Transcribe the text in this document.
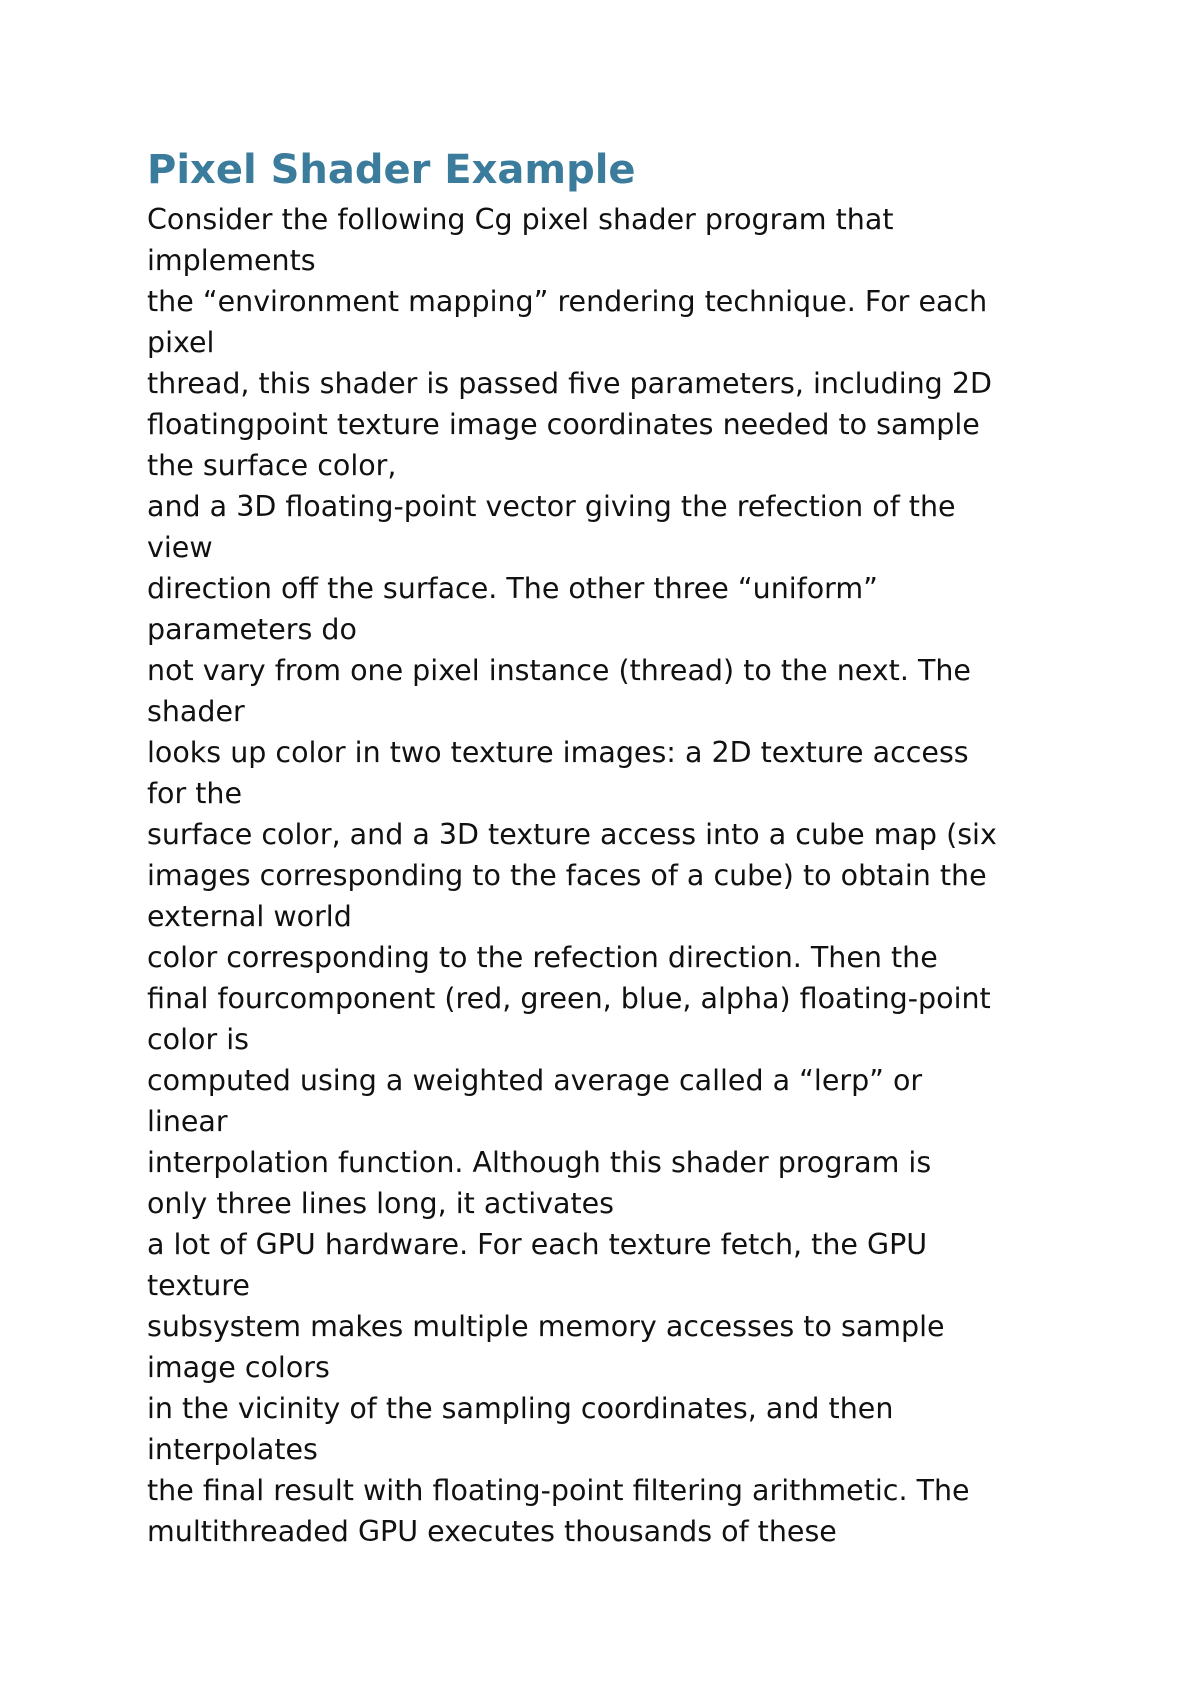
Pixel Shader Example
Consider the following Cg pixel shader program that
implements
the “environment mapping” rendering technique. For each
pixel
thread, this shader is passed five parameters, including 2D
floatingpoint texture image coordinates needed to sample
the surface color,
and a 3D floating-point vector giving the refection of the
view
direction off the surface. The other three “uniform”
parameters do
not vary from one pixel instance (thread) to the next. The
shader
looks up color in two texture images: a 2D texture access
for the
surface color, and a 3D texture access into a cube map (six
images corresponding to the faces of a cube) to obtain the
external world
color corresponding to the refection direction. Then the
final fourcomponent (red, green, blue, alpha) floating-point
color is
computed using a weighted average called a “lerp” or
linear
interpolation function. Although this shader program is
only three lines long, it activates
a lot of GPU hardware. For each texture fetch, the GPU
texture
subsystem makes multiple memory accesses to sample
image colors
in the vicinity of the sampling coordinates, and then
interpolates
the final result with floating-point filtering arithmetic. The
multithreaded GPU executes thousands of these
